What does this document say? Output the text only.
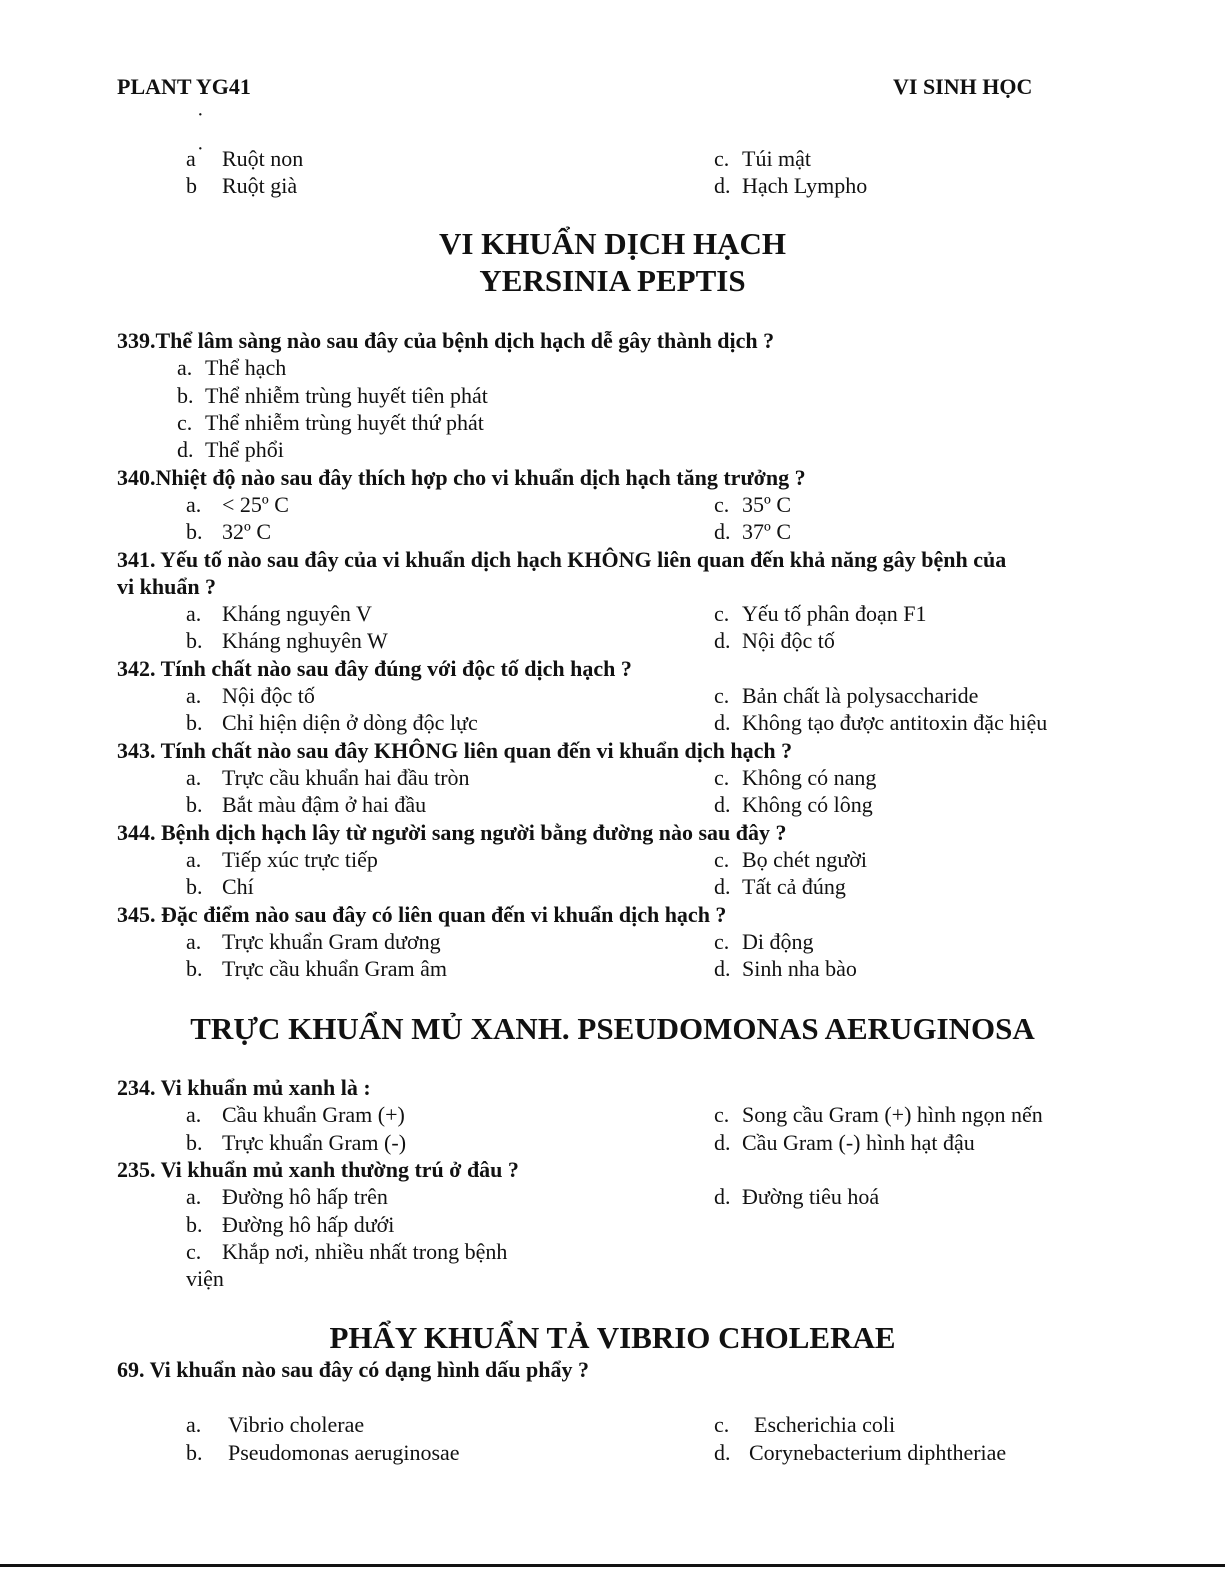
PLANT YG41	VI SINH HỌC
·
·
a Ruột non
b Ruột già
c. Túi mật
d. Hạch Lympho
VI KHUẨN DỊCH HẠCH
YERSINIA PEPTIS
339.Thể lâm sàng nào sau đây của bệnh dịch hạch dễ gây thành dịch ?
a. Thể hạch
b. Thể nhiễm trùng huyết tiên phát
c. Thể nhiễm trùng huyết thứ phát
d. Thể phổi
340.Nhiệt độ nào sau đây thích hợp cho vi khuẩn dịch hạch tăng trưởng ?
a. < 25º C
b. 32º C
c. 35º C
d. 37º C
341. Yếu tố nào sau đây của vi khuẩn dịch hạch KHÔNG liên quan đến khả năng gây bệnh của
vi khuẩn ?
a. Kháng nguyên V
b. Kháng nghuyên W
c. Yếu tố phân đoạn F1
d. Nội độc tố
342. Tính chất nào sau đây đúng với độc tố dịch hạch ?
a. Nội độc tố
b. Chỉ hiện diện ở dòng độc lực
c. Bản chất là polysaccharide
d. Không tạo được antitoxin đặc hiệu
343. Tính chất nào sau đây KHÔNG liên quan đến vi khuẩn dịch hạch ?
a. Trực cầu khuẩn hai đầu tròn
b. Bắt màu đậm ở hai đầu
c. Không có nang
d. Không có lông
344. Bệnh dịch hạch lây từ người sang người bằng đường nào sau đây ?
a. Tiếp xúc trực tiếp
b. Chí
c. Bọ chét người
d. Tất cả đúng
345. Đặc điểm nào sau đây có liên quan đến vi khuẩn dịch hạch ?
a. Trực khuẩn Gram dương
b. Trực cầu khuẩn Gram âm
c. Di động
d. Sinh nha bào
TRỰC KHUẨN MỦ XANH. PSEUDOMONAS AERUGINOSA
234. Vi khuẩn mủ xanh là :
a. Cầu khuẩn Gram (+)
b. Trực khuẩn Gram (-)
c. Song cầu Gram (+) hình ngọn nến
d. Cầu Gram (-) hình hạt đậu
235. Vi khuẩn mủ xanh thường trú ở đâu ?
a. Đường hô hấp trên
b. Đường hô hấp dưới
c. Khắp nơi, nhiều nhất trong bệnh
viện
d. Đường tiêu hoá
PHẨY KHUẨN TẢ VIBRIO CHOLERAE
69. Vi khuẩn nào sau đây có dạng hình dấu phẩy ?
a. Vibrio cholerae
b. Pseudomonas aeruginosae
c. Escherichia coli
d. Corynebacterium diphtheriae
